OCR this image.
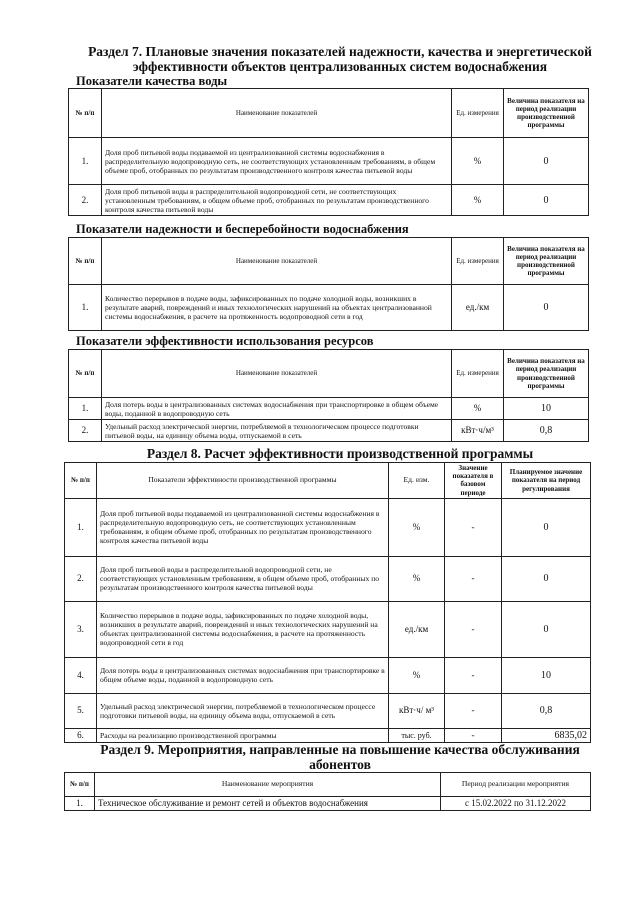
Раздел 7. Плановые значения показателей надежности, качества и энергетической
эффективности объектов централизованных систем водоснабжения
Показатели качества воды
№ п/п	Наименование показателей	Ед. измерения	Величина показателя на период реализации производственной программы
1.	Доля проб питьевой воды подаваемой из централизованной системы водоснабжения в распределительную водопроводную сеть, не соответствующих установленным требованиям, в общем объеме проб, отобранных по результатам производственного контроля качества питьевой воды	%	0
2.	Доля проб питьевой воды в распределительной водопроводной сети, не соответствующих установленным требованиям, в общем объеме проб, отобранных по результатам производственного контроля качества питьевой воды	%	0
Показатели надежности и бесперебойности водоснабжения
№ п/п	Наименование показателей	Ед. измерения	Величина показателя на период реализации производственной программы
1.	Количество перерывов в подаче воды, зафиксированных по подаче холодной воды, возникших в результате аварий, повреждений и иных технологических нарушений на объектах централизованной системы водоснабжения, в расчете на протяженность водопроводной сети в год	ед./км	0
Показатели эффективности использования ресурсов
№ п/п	Наименование показателей	Ед. измерения	Величина показателя на период реализации производственной программы
1.	Доля потерь воды в централизованных системах водоснабжения при транспортировке в общем объеме воды, поданной в водопроводную сеть	%	10
2.	Удельный расход электрической энергии, потребляемой в технологическом процессе подготовки питьевой воды, на единицу объема воды, отпускаемой в сеть	кВт·ч/м³	0,8
Раздел 8. Расчет эффективности производственной программы
№ п/п	Показатели эффективности производственной программы	Ед. изм.	Значение показателя в базовом периоде	Планируемое значение показателя на период регулирования
1.	Доля проб питьевой воды подаваемой из централизованной системы водоснабжения в распределительную водопроводную сеть, не соответствующих установленным требованиям, в общем объеме проб, отобранных по результатам производственного контроля качества питьевой воды	%	-	0
2.	Доля проб питьевой воды в распределительной водопроводной сети, не соответствующих установленным требованиям, в общем объеме проб, отобранных по результатам производственного контроля качества питьевой воды	%	-	0
3.	Количество перерывов в подаче воды, зафиксированных по подаче холодной воды, возникших в результате аварий, повреждений и иных технологических нарушений на объектах централизованной системы водоснабжения, в расчете на протяженность водопроводной сети в год	ед./км	-	0
4.	Доля потерь воды в централизованных системах водоснабжения при транспортировке в общем объеме воды, поданной в водопроводную сеть	%	-	10
5.	Удельный расход электрической энергии, потребляемой в технологическом процессе подготовки питьевой воды, на единицу объема воды, отпускаемой в сеть	кВт·ч/ м³	-	0,8
6.	Расходы на реализацию производственной программы	тыс. руб.	-	6835,02
Раздел 9. Мероприятия, направленные на повышение качества обслуживания
абонентов
№ п/п	Наименование мероприятия	Период реализации мероприятия
1.	Техническое обслуживание и ремонт сетей и объектов водоснабжения	с 15.02.2022 по 31.12.2022
